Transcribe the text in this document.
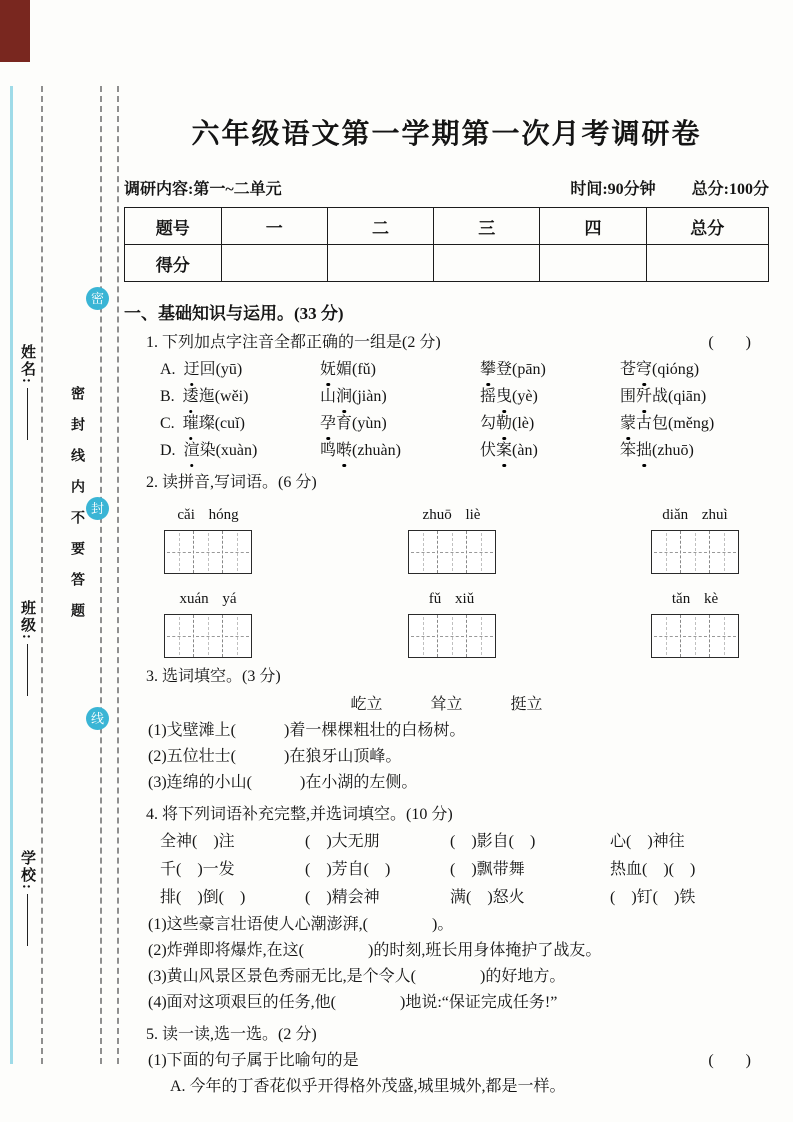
姓名:
班级:
学校:
密
封
线
密封线内不要答题
六年级语文第一学期第一次月考调研卷
调研内容:第一~二单元	时间:90分钟 总分:100分
题号	一	二	三	四	总分
得分					
一、基础知识与运用。(33 分)
1. 下列加点字注音全都正确的一组是(2 分)	(　　)
A. 迂回(yū)	妩媚(fǔ)	攀登(pān)	苍穹(qióng)
B. 逶迤(wěi)	山涧(jiàn)	摇曳(yè)	围歼战(qiān)
C. 璀璨(cuǐ)	孕育(yùn)	勾勒(lè)	蒙古包(měng)
D. 渲染(xuàn)	鸣啭(zhuàn)	伏案(àn)	笨拙(zhuō)
2. 读拼音,写词语。(6 分)
cǎi hóng	zhuō liè	diǎn zhuì
xuán yá	fǔ xiǔ	tǎn kè
3. 选词填空。(3 分)
屹立	耸立	挺立
(1)戈壁滩上(　　　)着一棵棵粗壮的白杨树。
(2)五位壮士(　　　)在狼牙山顶峰。
(3)连绵的小山(　　　)在小湖的左侧。
4. 将下列词语补充完整,并选词填空。(10 分)
全神(　)注	(　)大无朋	(　)影自(　)	心(　)神往
千(　)一发	(　)芳自(　)	(　)飘带舞	热血(　)(　)
排(　)倒(　)	(　)精会神	满(　)怒火	(　)钉(　)铁
(1)这些豪言壮语使人心潮澎湃,(　　　　)。
(2)炸弹即将爆炸,在这(　　　　)的时刻,班长用身体掩护了战友。
(3)黄山风景区景色秀丽无比,是个令人(　　　　)的好地方。
(4)面对这项艰巨的任务,他(　　　　)地说:“保证完成任务!”
5. 读一读,选一选。(2 分)
(1)下面的句子属于比喻句的是	(　　)
A. 今年的丁香花似乎开得格外茂盛,城里城外,都是一样。
